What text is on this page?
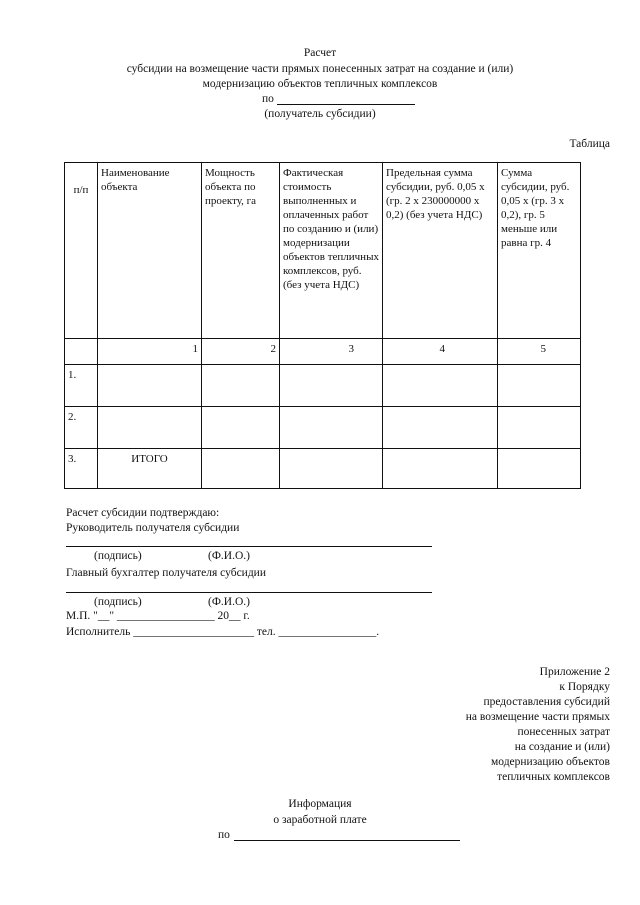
Расчет
субсидии на возмещение части прямых понесенных затрат на создание и (или)
модернизацию объектов тепличных комплексов
по
(получатель субсидии)
Таблица
п/п	Наименование объекта	Мощность объекта по проекту, га	Фактическая стоимость выполненных и оплаченных работ по созданию и (или) модернизации объектов тепличных комплексов, руб. (без учета НДС)	Предельная сумма субсидии, руб. 0,05 x (гр. 2 x 230000000 x 0,2) (без учета НДС)	Сумма субсидии, руб. 0,05 x (гр. 3 x 0,2), гр. 5 меньше или равна гр. 4
	1	2	3	4	5
1.					
2.					
3.	ИТОГО				
Расчет субсидии подтверждаю:
Руководитель получателя субсидии
(подпись)	(Ф.И.О.)
Главный бухгалтер получателя субсидии
(подпись)	(Ф.И.О.)
М.П. "__" _________________ 20__ г.
Исполнитель _____________________ тел. _________________.
Приложение 2
к Порядку
предоставления субсидий
на возмещение части прямых
понесенных затрат
на создание и (или)
модернизацию объектов
тепличных комплексов
Информация
о заработной плате
по
